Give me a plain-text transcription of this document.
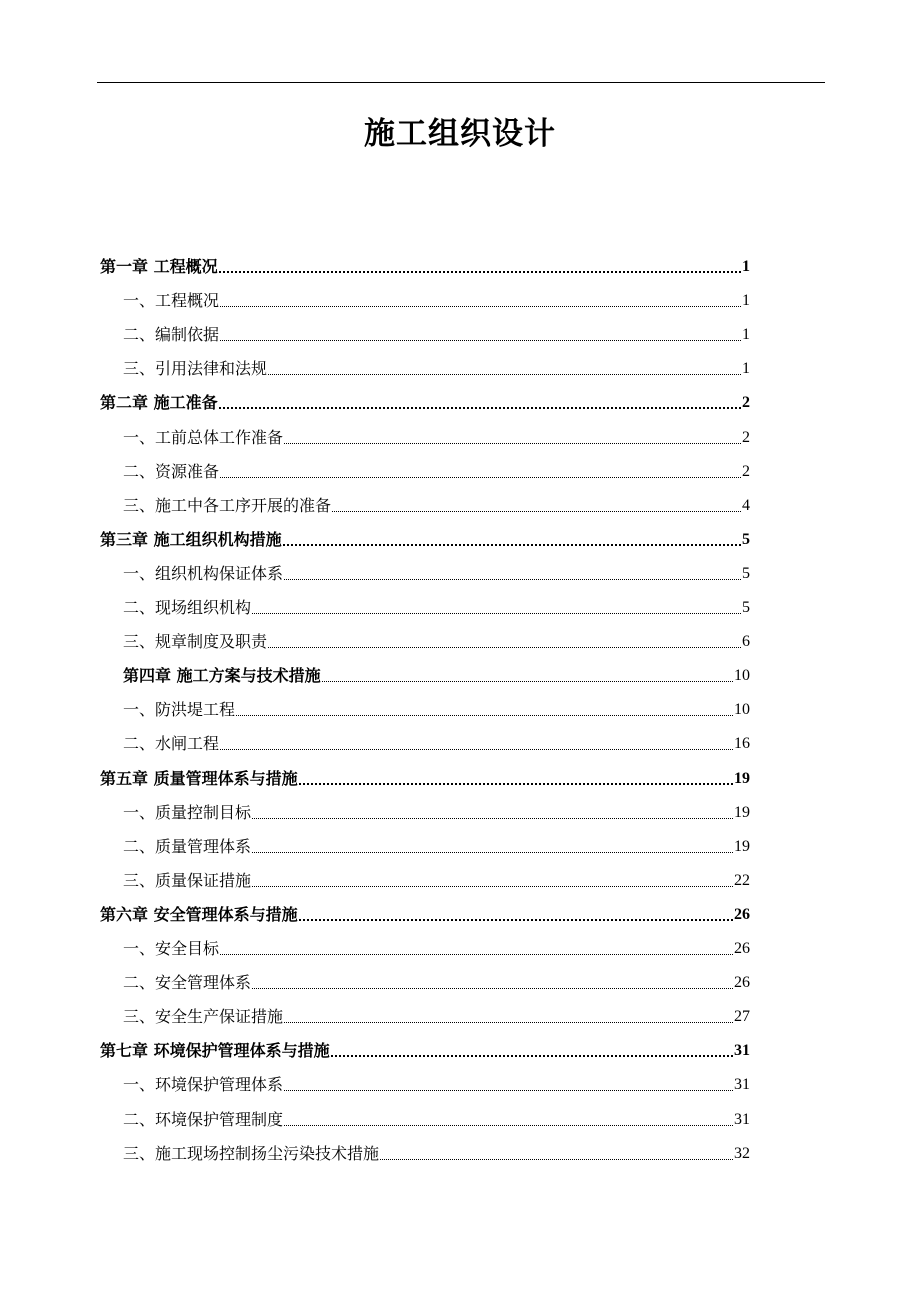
施工组织设计
第一章 工程概况	1
一、工程概况	1
二、编制依据	1
三、引用法律和法规	1
第二章 施工准备	2
一、工前总体工作准备	2
二、资源准备	2
三、施工中各工序开展的准备	4
第三章 施工组织机构措施	5
一、组织机构保证体系	5
二、现场组织机构	5
三、规章制度及职责	6
第四章 施工方案与技术措施	10
一、防洪堤工程	10
二、水闸工程	16
第五章 质量管理体系与措施	19
一、质量控制目标	19
二、质量管理体系	19
三、质量保证措施	22
第六章 安全管理体系与措施	26
一、安全目标	26
二、安全管理体系	26
三、安全生产保证措施	27
第七章 环境保护管理体系与措施	31
一、环境保护管理体系	31
二、环境保护管理制度	31
三、施工现场控制扬尘污染技术措施	32
